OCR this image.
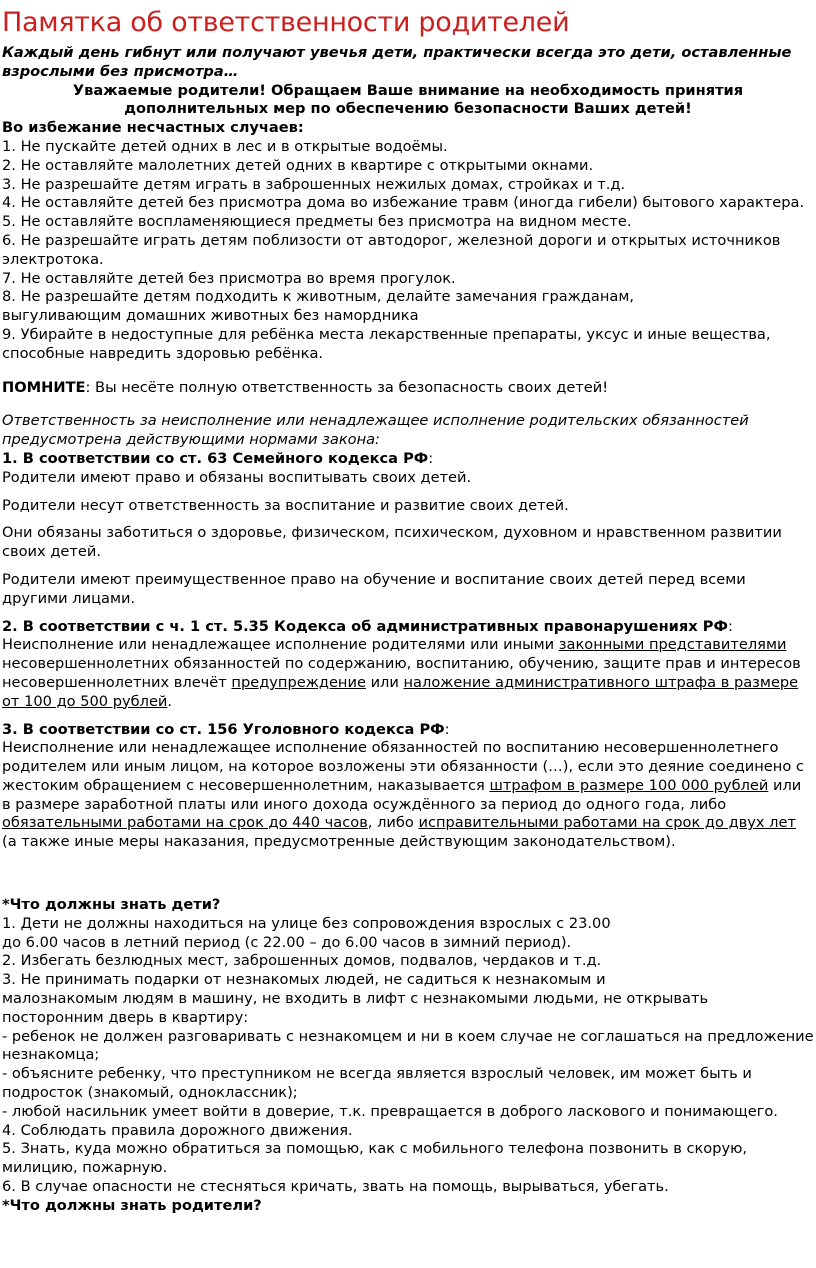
Памятка об ответственности родителей

Каждый день гибнут или получают увечья дети, практически всегда это дети, оставленные взрослыми без присмотра…

Уважаемые родители! Обращаем Ваше внимание на необходимость принятия дополнительных мер по обеспечению безопасности Ваших детей!

Во избежание несчастных случаев:

1. Не пускайте детей одних в лес и в открытые водоёмы.

2. Не оставляйте малолетних детей одних в квартире с открытыми окнами.

3. Не разрешайте детям играть в заброшенных нежилых домах, стройках и т.д.

4. Не оставляйте детей без присмотра дома во избежание травм (иногда гибели) бытового характера.

5. Не оставляйте воспламеняющиеся предметы без присмотра на видном месте.

6. Не разрешайте играть детям поблизости от автодорог, железной дороги и открытых источников электротока.

7. Не оставляйте детей без присмотра во время прогулок.

8. Не разрешайте детям подходить к животным, делайте замечания гражданам,

выгуливающим домашних животных без намордника

9. Убирайте в недоступные для ребёнка места лекарственные препараты, уксус и иные вещества, способные навредить здоровью ребёнка.

ПОМНИТЕ: Вы несёте полную ответственность за безопасность своих детей!

Ответственность за неисполнение или ненадлежащее исполнение родительских обязанностей предусмотрена действующими нормами закона:

1. В соответствии со ст. 63 Семейного кодекса РФ:

Родители имеют право и обязаны воспитывать своих детей.

Родители несут ответственность за воспитание и развитие своих детей.

Они обязаны заботиться о здоровье, физическом, психическом, духовном и нравственном развитии своих детей.

Родители имеют преимущественное право на обучение и воспитание своих детей перед всеми другими лицами.

2. В соответствии с ч. 1 ст. 5.35 Кодекса об административных правонарушениях РФ:

Неисполнение или ненадлежащее исполнение родителями или иными законными представителями несовершеннолетних обязанностей по содержанию, воспитанию, обучению, защите прав и интересов несовершеннолетних влечёт предупреждение или наложение административного штрафа в размере от 100 до 500 рублей.

3. В соответствии со ст. 156 Уголовного кодекса РФ:

Неисполнение или ненадлежащее исполнение обязанностей по воспитанию несовершеннолетнего родителем или иным лицом, на которое возложены эти обязанности (…), если это деяние соединено с жестоким обращением с несовершеннолетним, наказывается штрафом в размере 100 000 рублей или в размере заработной платы или иного дохода осуждённого за период до одного года, либо обязательными работами на срок до 440 часов, либо исправительными работами на срок до двух лет (а также иные меры наказания, предусмотренные действующим законодательством).

*Что должны знать дети?

1. Дети не должны находиться на улице без сопровождения взрослых с 23.00

до 6.00 часов в летний период (с 22.00 – до 6.00 часов в зимний период).

2. Избегать безлюдных мест, заброшенных домов, подвалов, чердаков и т.д.

3. Не принимать подарки от незнакомых людей, не садиться к незнакомым и

малознакомым людям в машину, не входить в лифт с незнакомыми людьми, не открывать посторонним дверь в квартиру:

- ребенок не должен разговаривать с незнакомцем и ни в коем случае не соглашаться на предложение незнакомца;

- объясните ребенку, что преступником не всегда является взрослый человек, им может быть и подросток (знакомый, одноклассник);

- любой насильник умеет войти в доверие, т.к. превращается в доброго ласкового и понимающего.

4. Соблюдать правила дорожного движения.

5. Знать, куда можно обратиться за помощью, как с мобильного телефона позвонить в скорую, милицию, пожарную.

6. В случае опасности не стесняться кричать, звать на помощь, вырываться, убегать.

*Что должны знать родители?
